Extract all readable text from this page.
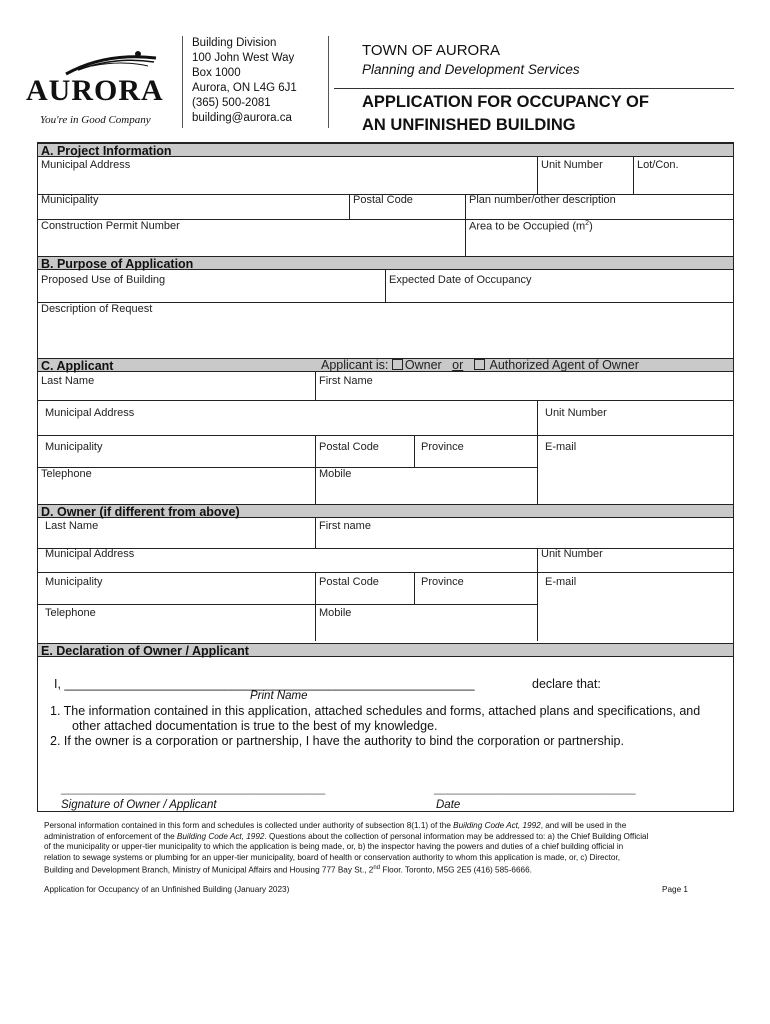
AURORA
You're in Good Company
Building Division
100 John West Way
Box 1000
Aurora, ON L4G 6J1
(365) 500-2081
building@aurora.ca
TOWN OF AURORA
Planning and Development Services
APPLICATION FOR OCCUPANCY OF
AN UNFINISHED BUILDING
A. Project Information
Municipal Address	Unit Number	Lot/Con.
Municipality	Postal Code	Plan number/other description
Construction Permit Number	Area to be Occupied $(m^2)$
B. Purpose of Application
Proposed Use of Building	Expected Date of Occupancy
Description of Request
C. Applicant	Applicant is: Owner or Authorized Agent of Owner
Last Name	First Name
Municipal Address	Unit Number
Municipality	Postal Code	Province	E-mail
Telephone	Mobile
D. Owner (if different from above)
Last Name	First name
Municipal Address	Unit Number
Municipality	Postal Code	Province	E-mail
Telephone	Mobile
E. Declaration of Owner / Applicant
I, ___________________________________________________________	declare that:
Print Name
1. The information contained in this application, attached schedules and forms, attached plans and specifications, and
other attached documentation is true to the best of my knowledge.
2. If the owner is a corporation or partnership, I have the authority to bind the corporation or partnership.
______________________________________	_____________________________
Signature of Owner / Applicant	Date
Personal information contained in this form and schedules is collected under authority of subsection 8(1.1) of the Building Code Act, 1992, and will be used in the
administration of enforcement of the Building Code Act, 1992. Questions about the collection of personal information may be addressed to: a) the Chief Building Official
of the municipality or upper-tier municipality to which the application is being made, or, b) the inspector having the powers and duties of a chief building official in
relation to sewage systems or plumbing for an upper-tier municipality, board of health or conservation authority to whom this application is made, or, c) Director,
Building and Development Branch, Ministry of Municipal Affairs and Housing 777 Bay St., 2nd Floor. Toronto, M5G 2E5 (416) 585-6666.
Application for Occupancy of an Unfinished Building (January 2023)	Page 1
